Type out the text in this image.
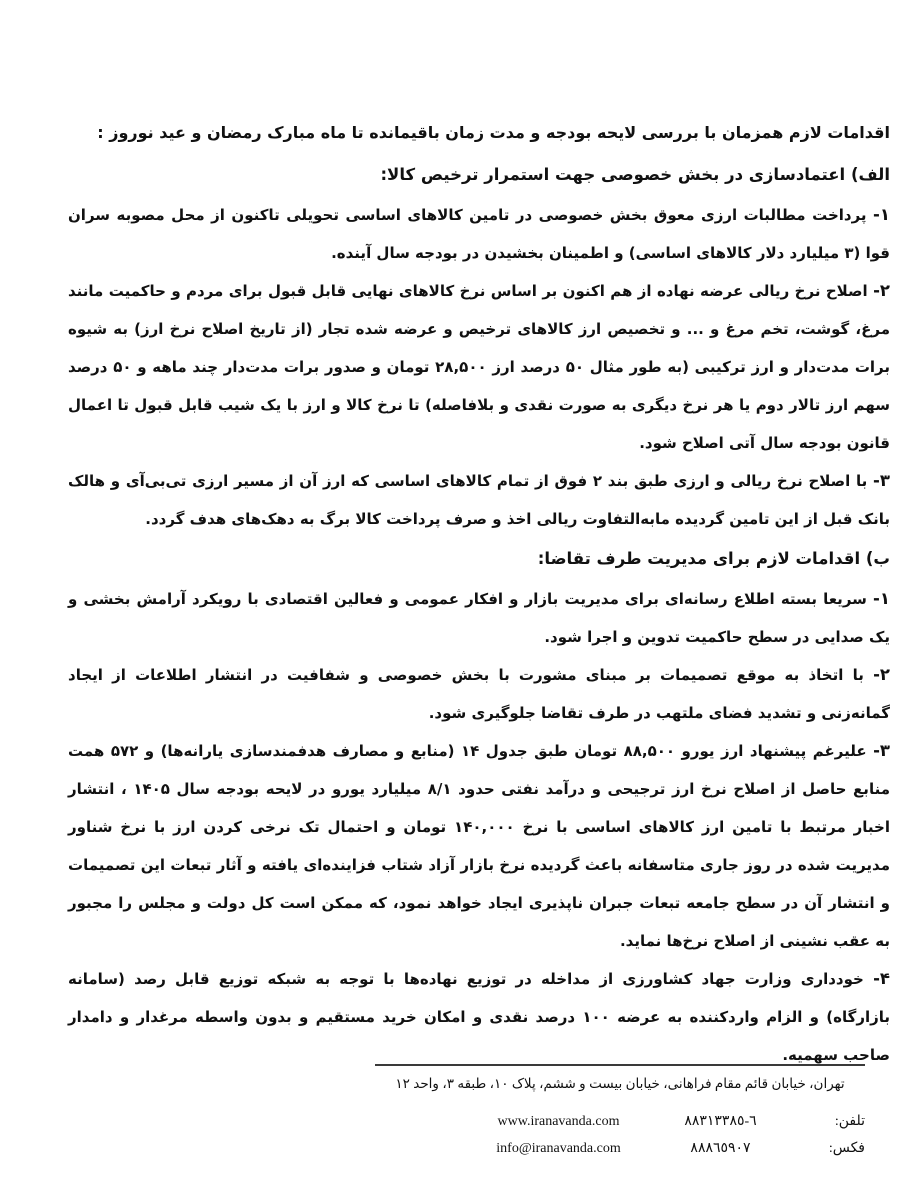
اقدامات لازم همزمان با بررسی لایحه بودجه و مدت زمان باقیمانده تا ماه مبارک رمضان و عید نوروز :

الف) اعتمادسازی در بخش خصوصی جهت استمرار ترخیص کالا:

۱- پرداخت مطالبات ارزی معوق بخش خصوصی در تامین کالاهای اساسی تحویلی تاکنون از محل مصوبه سران قوا (۳ میلیارد دلار کالاهای اساسی) و اطمینان بخشیدن در بودجه سال آینده.

۲- اصلاح نرخ ریالی عرضه نهاده از هم اکنون بر اساس نرخ کالاهای نهایی قابل قبول برای مردم و حاکمیت مانند مرغ، گوشت، تخم مرغ و ... و تخصیص ارز کالاهای ترخیص و عرضه شده تجار (از تاریخ اصلاح نرخ ارز) به شیوه برات مدت‌دار و ارز ترکیبی (به طور مثال ۵۰ درصد ارز ۲۸,۵۰۰ تومان و صدور برات مدت‌دار چند ماهه و ۵۰ درصد سهم ارز تالار دوم یا هر نرخ دیگری به صورت نقدی و بلافاصله) تا نرخ کالا و ارز با یک شیب قابل قبول تا اعمال قانون بودجه سال آتی اصلاح شود.

۳- با اصلاح نرخ ریالی و ارزی طبق بند ۲ فوق از تمام کالاهای اساسی که ارز آن از مسیر ارزی تی‌بی‌آی و هالک بانک قبل از این تامین گردیده مابه‌التفاوت ریالی اخذ و صرف پرداخت کالا برگ به دهک‌های هدف گردد.

ب) اقدامات لازم برای مدیریت طرف تقاضا:

۱- سریعا بسته اطلاع رسانه‌ای برای مدیریت بازار و افکار عمومی و فعالین اقتصادی با رویکرد آرامش بخشی و یک صدایی در سطح حاکمیت تدوین و اجرا شود.

۲- با اتخاذ به موقع تصمیمات بر مبنای مشورت با بخش خصوصی و شفافیت در انتشار اطلاعات از ایجاد گمانه‌زنی و تشدید فضای ملتهب در طرف تقاضا جلوگیری شود.

۳- علیرغم پیشنهاد ارز یورو ۸۸,۵۰۰ تومان طبق جدول ۱۴ (منابع و مصارف هدفمندسازی یارانه‌ها) و ۵۷۲ همت منابع حاصل از اصلاح نرخ ارز ترجیحی و درآمد نفتی حدود ۸/۱ میلیارد یورو در لایحه بودجه سال ۱۴۰۵ ، انتشار اخبار مرتبط با تامین ارز کالاهای اساسی با نرخ ۱۴۰,۰۰۰ تومان و احتمال تک نرخی کردن ارز با نرخ شناور مدیریت شده در روز جاری متاسفانه باعث گردیده نرخ بازار آزاد شتاب فزاینده‌ای یافته و آثار تبعات این تصمیمات و انتشار آن در سطح جامعه تبعات جبران ناپذیری ایجاد خواهد نمود، که ممکن است کل دولت و مجلس را مجبور به عقب نشینی از اصلاح نرخ‌ها نماید.

۴- خودداری وزارت جهاد کشاورزی از مداخله در توزیع نهاده‌ها با توجه به شبکه توزیع قابل رصد (سامانه بازارگاه) و الزام واردکننده به عرضه ۱۰۰ درصد نقدی و امکان خرید مستقیم و بدون واسطه مرغدار و دامدار صاحب سهمیه.

تهران، خیابان قائم مقام فراهانی، خیابان بیست و ششم، پلاک ١٠، طبقه ٣، واحد ١٢
تلفن:
٨٨٣١٣٣٨٥-٦
www.iranavanda.com
فکس:
٨٨٨٦٥٩٠٧
info@iranavanda.com
